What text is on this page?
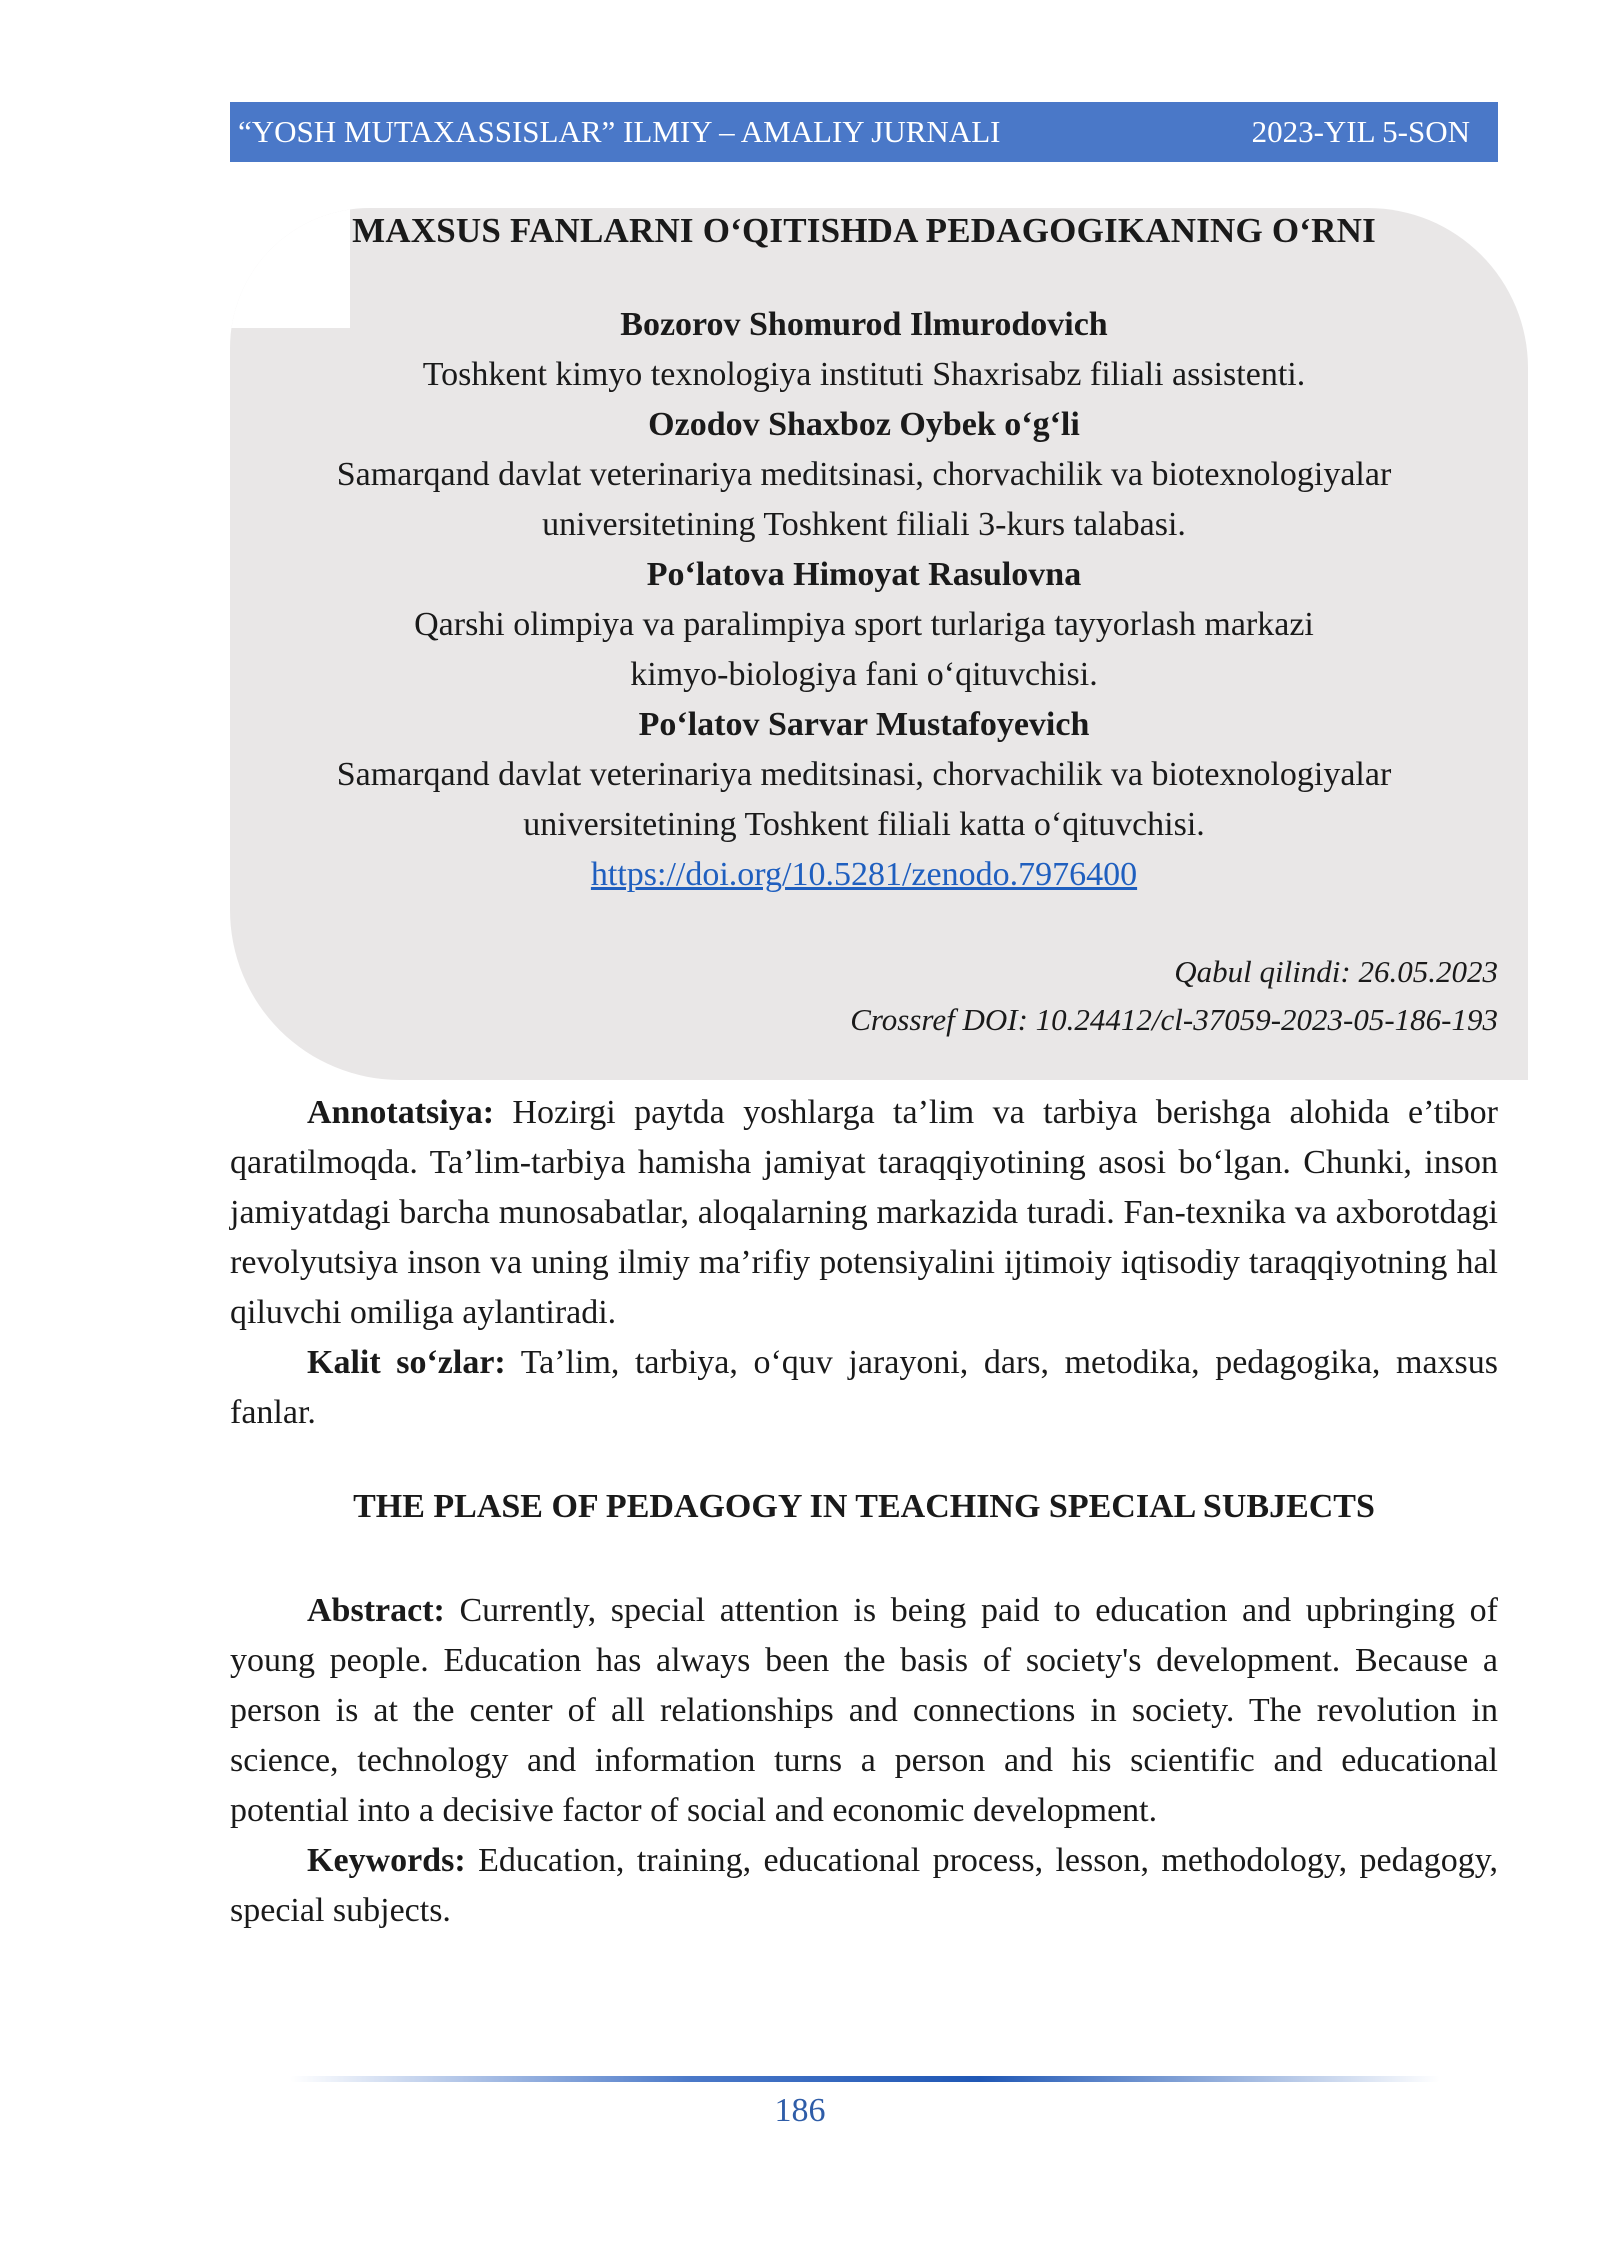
“YOSH MUTAXASSISLAR” ILMIY – AMALIY JURNALI	2023-YIL 5-SON
MAXSUS FANLARNI O‘QITISHDA PEDAGOGIKANING O‘RNI
Bozorov Shomurod Ilmurodovich
Toshkent kimyo texnologiya instituti Shaxrisabz filiali assistenti.
Ozodov Shaxboz Oybek o‘g‘li
Samarqand davlat veterinariya meditsinasi, chorvachilik va biotexnologiyalar
universitetining Toshkent filiali 3-kurs talabasi.
Po‘latova Himoyat Rasulovna
Qarshi olimpiya va paralimpiya sport turlariga tayyorlash markazi
kimyo-biologiya fani o‘qituvchisi.
Po‘latov Sarvar Mustafoyevich
Samarqand davlat veterinariya meditsinasi, chorvachilik va biotexnologiyalar
universitetining Toshkent filiali katta o‘qituvchisi.
https://doi.org/10.5281/zenodo.7976400
Qabul qilindi: 26.05.2023
Crossref DOI: 10.24412/cl-37059-2023-05-186-193

Annotatsiya: Hozirgi paytda yoshlarga ta’lim va tarbiya berishga alohida e’tibor qaratilmoqda. Ta’lim-tarbiya hamisha jamiyat taraqqiyotining asosi bo‘lgan. Chunki, inson jamiyatdagi barcha munosabatlar, aloqalarning markazida turadi. Fan-texnika va axborotdagi revolyutsiya inson va uning ilmiy ma’rifiy potensiyalini ijtimoiy iqtisodiy taraqqiyotning hal qiluvchi omiliga aylantiradi.

Kalit so‘zlar: Ta’lim, tarbiya, o‘quv jarayoni, dars, metodika, pedagogika, maxsus fanlar.

THE PLASE OF PEDAGOGY IN TEACHING SPECIAL SUBJECTS

Abstract: Currently, special attention is being paid to education and upbringing of young people. Education has always been the basis of society's development. Because a person is at the center of all relationships and connections in society. The revolution in science, technology and information turns a person and his scientific and educational potential into a decisive factor of social and economic development.

Keywords: Education, training, educational process, lesson, methodology, pedagogy, special subjects.

186
